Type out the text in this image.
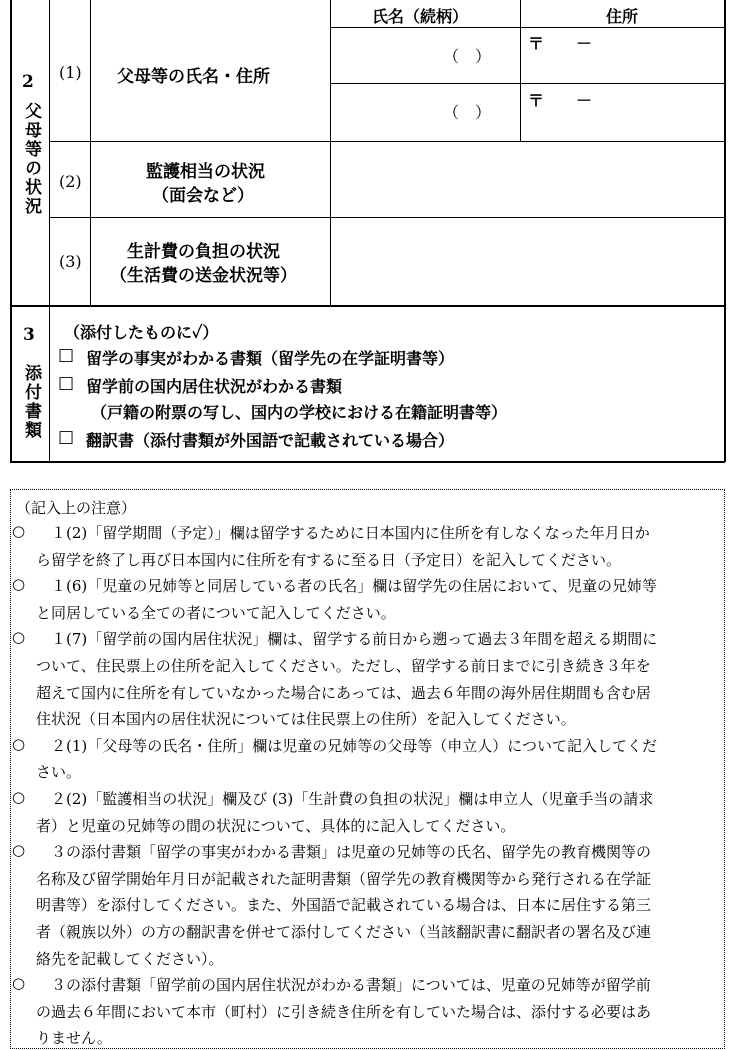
2
父母等の状況
氏名（続柄）	住所
(1) 父母等の氏名・住所
（　）
〒　　－
（　）
〒　　－
(2)	監護相当の状況
（面会など）
(3)	生計費の負担の状況
（生活費の送金状況等）
3
添付書類
（添付したものに✓）
□ 留学の事実がわかる書類（留学先の在学証明書等）
□ 留学前の国内居住状況がわかる書類
（戸籍の附票の写し、国内の学校における在籍証明書等）
□ 翻訳書（添付書類が外国語で記載されている場合）
（記入上の注意）
○ 　１(2)「留学期間（予定）」欄は留学するために日本国内に住所を有しなくなった年月日か
ら留学を終了し再び日本国内に住所を有するに至る日（予定日）を記入してください。
○ 　１(6)「児童の兄姉等と同居している者の氏名」欄は留学先の住居において、児童の兄姉等
と同居している全ての者について記入してください。
○ 　１(7)「留学前の国内居住状況」欄は、留学する前日から遡って過去３年間を超える期間に
ついて、住民票上の住所を記入してください。ただし、留学する前日までに引き続き３年を
超えて国内に住所を有していなかった場合にあっては、過去６年間の海外居住期間も含む居
住状況（日本国内の居住状況については住民票上の住所）を記入してください。
○ 　２(1)「父母等の氏名・住所」欄は児童の兄姉等の父母等（申立人）について記入してくだ
さい。
○ 　２(2)「監護相当の状況」欄及び (3)「生計費の負担の状況」欄は申立人（児童手当の請求
者）と児童の兄姉等の間の状況について、具体的に記入してください。
○ 　３の添付書類「留学の事実がわかる書類」は児童の兄姉等の氏名、留学先の教育機関等の
名称及び留学開始年月日が記載された証明書類（留学先の教育機関等から発行される在学証
明書等）を添付してください。また、外国語で記載されている場合は、日本に居住する第三
者（親族以外）の方の翻訳書を併せて添付してください（当該翻訳書に翻訳者の署名及び連
絡先を記載してください）。
○ 　３の添付書類「留学前の国内居住状況がわかる書類」については、児童の兄姉等が留学前
の過去６年間において本市（町村）に引き続き住所を有していた場合は、添付する必要はあ
りません。
